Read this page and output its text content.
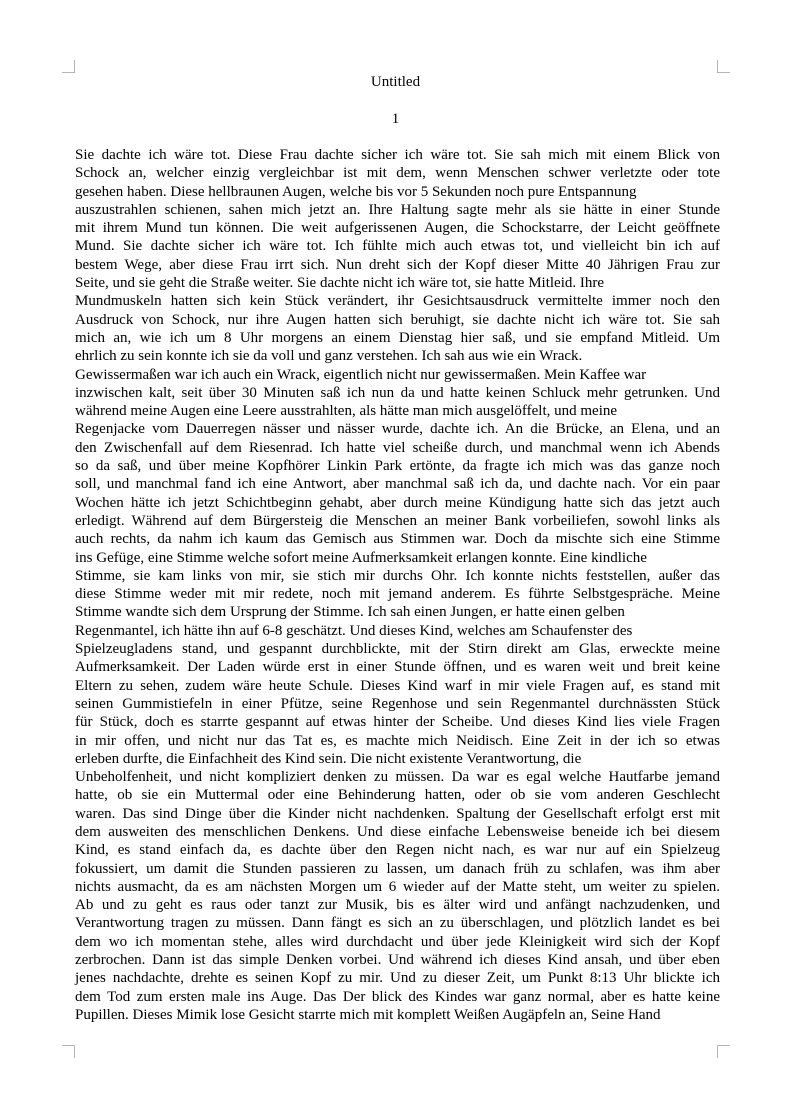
Untitled
1
Sie dachte ich wäre tot. Diese Frau dachte sicher ich wäre tot. Sie sah mich mit einem Blick von
Schock an, welcher einzig vergleichbar ist mit dem, wenn Menschen schwer verletzte oder tote
gesehen haben. Diese hellbraunen Augen, welche bis vor 5 Sekunden noch pure Entspannung
auszustrahlen schienen, sahen mich jetzt an. Ihre Haltung sagte mehr als sie hätte in einer Stunde
mit ihrem Mund tun können. Die weit aufgerissenen Augen, die Schockstarre, der Leicht geöffnete
Mund. Sie dachte sicher ich wäre tot. Ich fühlte mich auch etwas tot, und vielleicht bin ich auf
bestem Wege, aber diese Frau irrt sich. Nun dreht sich der Kopf dieser Mitte 40 Jährigen Frau zur
Seite, und sie geht die Straße weiter. Sie dachte nicht ich wäre tot, sie hatte Mitleid. Ihre
Mundmuskeln hatten sich kein Stück verändert, ihr Gesichtsausdruck vermittelte immer noch den
Ausdruck von Schock, nur ihre Augen hatten sich beruhigt, sie dachte nicht ich wäre tot. Sie sah
mich an, wie ich um 8 Uhr morgens an einem Dienstag hier saß, und sie empfand Mitleid. Um
ehrlich zu sein konnte ich sie da voll und ganz verstehen. Ich sah aus wie ein Wrack.
Gewissermaßen war ich auch ein Wrack, eigentlich nicht nur gewissermaßen. Mein Kaffee war
inzwischen kalt, seit über 30 Minuten saß ich nun da und hatte keinen Schluck mehr getrunken. Und
während meine Augen eine Leere ausstrahlten, als hätte man mich ausgelöffelt, und meine
Regenjacke vom Dauerregen nässer und nässer wurde, dachte ich. An die Brücke, an Elena, und an
den Zwischenfall auf dem Riesenrad. Ich hatte viel scheiße durch, und manchmal wenn ich Abends
so da saß, und über meine Kopfhörer Linkin Park ertönte, da fragte ich mich was das ganze noch
soll, und manchmal fand ich eine Antwort, aber manchmal saß ich da, und dachte nach. Vor ein paar
Wochen hätte ich jetzt Schichtbeginn gehabt, aber durch meine Kündigung hatte sich das jetzt auch
erledigt. Während auf dem Bürgersteig die Menschen an meiner Bank vorbeiliefen, sowohl links als
auch rechts, da nahm ich kaum das Gemisch aus Stimmen war. Doch da mischte sich eine Stimme
ins Gefüge, eine Stimme welche sofort meine Aufmerksamkeit erlangen konnte. Eine kindliche
Stimme, sie kam links von mir, sie stich mir durchs Ohr. Ich konnte nichts feststellen, außer das
diese Stimme weder mit mir redete, noch mit jemand anderem. Es führte Selbstgespräche. Meine
Stimme wandte sich dem Ursprung der Stimme. Ich sah einen Jungen, er hatte einen gelben
Regenmantel, ich hätte ihn auf 6-8 geschätzt. Und dieses Kind, welches am Schaufenster des
Spielzeugladens stand, und gespannt durchblickte, mit der Stirn direkt am Glas, erweckte meine
Aufmerksamkeit. Der Laden würde erst in einer Stunde öffnen, und es waren weit und breit keine
Eltern zu sehen, zudem wäre heute Schule. Dieses Kind warf in mir viele Fragen auf, es stand mit
seinen Gummistiefeln in einer Pfütze, seine Regenhose und sein Regenmantel durchnässten Stück
für Stück, doch es starrte gespannt auf etwas hinter der Scheibe. Und dieses Kind lies viele Fragen
in mir offen, und nicht nur das Tat es, es machte mich Neidisch. Eine Zeit in der ich so etwas
erleben durfte, die Einfachheit des Kind sein. Die nicht existente Verantwortung, die
Unbeholfenheit, und nicht kompliziert denken zu müssen. Da war es egal welche Hautfarbe jemand
hatte, ob sie ein Muttermal oder eine Behinderung hatten, oder ob sie vom anderen Geschlecht
waren. Das sind Dinge über die Kinder nicht nachdenken. Spaltung der Gesellschaft erfolgt erst mit
dem ausweiten des menschlichen Denkens. Und diese einfache Lebensweise beneide ich bei diesem
Kind, es stand einfach da, es dachte über den Regen nicht nach, es war nur auf ein Spielzeug
fokussiert, um damit die Stunden passieren zu lassen, um danach früh zu schlafen, was ihm aber
nichts ausmacht, da es am nächsten Morgen um 6 wieder auf der Matte steht, um weiter zu spielen.
Ab und zu geht es raus oder tanzt zur Musik, bis es älter wird und anfängt nachzudenken, und
Verantwortung tragen zu müssen. Dann fängt es sich an zu überschlagen, und plötzlich landet es bei
dem wo ich momentan stehe, alles wird durchdacht und über jede Kleinigkeit wird sich der Kopf
zerbrochen. Dann ist das simple Denken vorbei. Und während ich dieses Kind ansah, und über eben
jenes nachdachte, drehte es seinen Kopf zu mir. Und zu dieser Zeit, um Punkt 8:13 Uhr blickte ich
dem Tod zum ersten male ins Auge. Das Der blick des Kindes war ganz normal, aber es hatte keine
Pupillen. Dieses Mimik lose Gesicht starrte mich mit komplett Weißen Augäpfeln an, Seine Hand
